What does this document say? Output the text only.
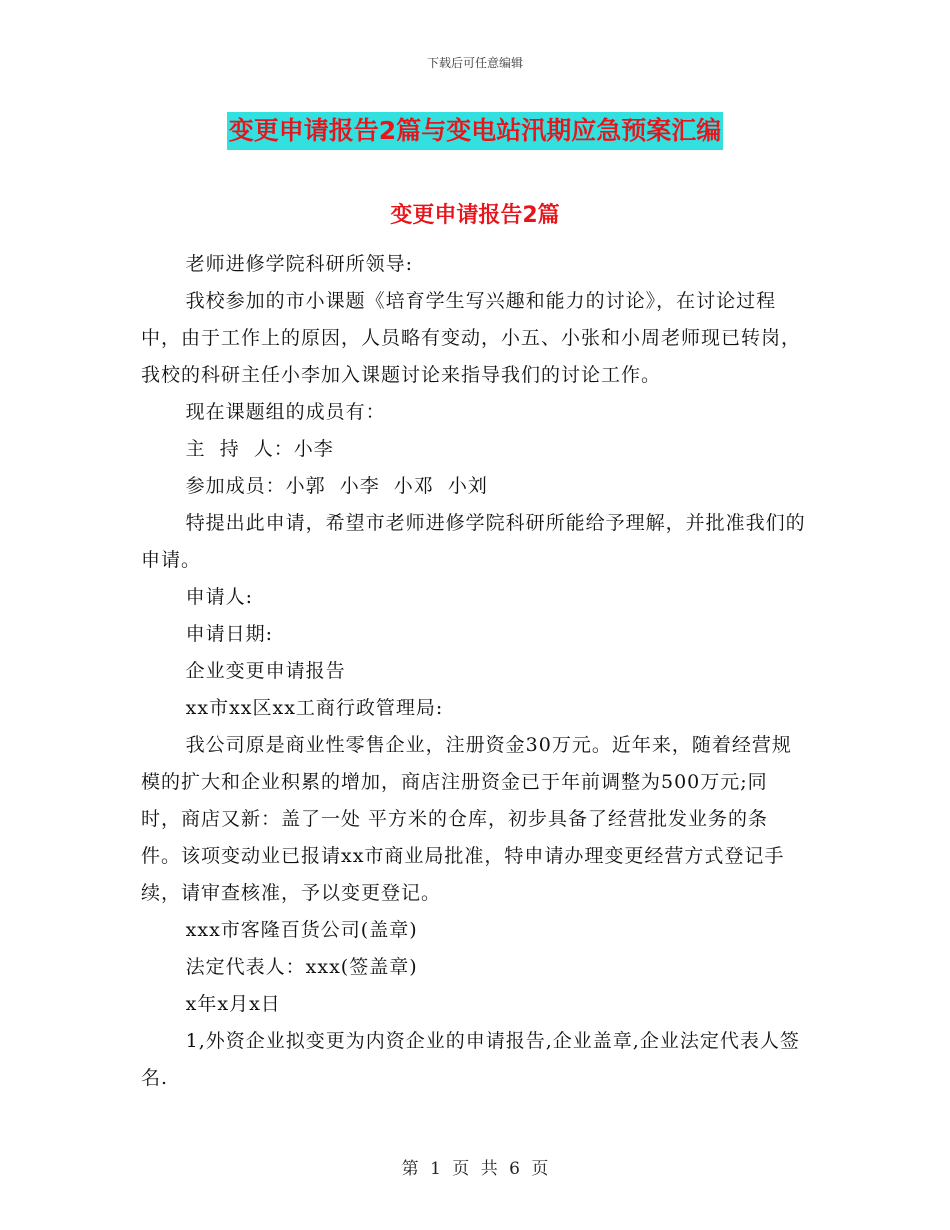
下载后可任意编辑
变更申请报告2篇与变电站汛期应急预案汇编
变更申请报告2篇

老师进修学院科研所领导:

我校参加的市小课题《培育学生写兴趣和能力的讨论》，在讨论过程中，由于工作上的原因，人员略有变动，小五、小张和小周老师现已转岗，我校的科研主任小李加入课题讨论来指导我们的讨论工作。

现在课题组的成员有：

主  持  人：小李

参加成员：小郭  小李  小邓  小刘

特提出此申请，希望市老师进修学院科研所能给予理解，并批准我们的申请。

申请人:

申请日期:

企业变更申请报告

xx市xx区xx工商行政管理局:

我公司原是商业性零售企业，注册资金30万元。近年来，随着经营规模的扩大和企业积累的增加，商店注册资金已于年前调整为500万元;同时，商店又新：盖了一处 平方米的仓库，初步具备了经营批发业务的条件。该项变动业已报请xx市商业局批准，特申请办理变更经营方式登记手续，请审查核准，予以变更登记。

xxx市客隆百货公司(盖章)

法定代表人：xxx(签盖章)

x年x月x日

1,外资企业拟变更为内资企业的申请报告,企业盖章,企业法定代表人签名.

第 1 页 共 6 页
